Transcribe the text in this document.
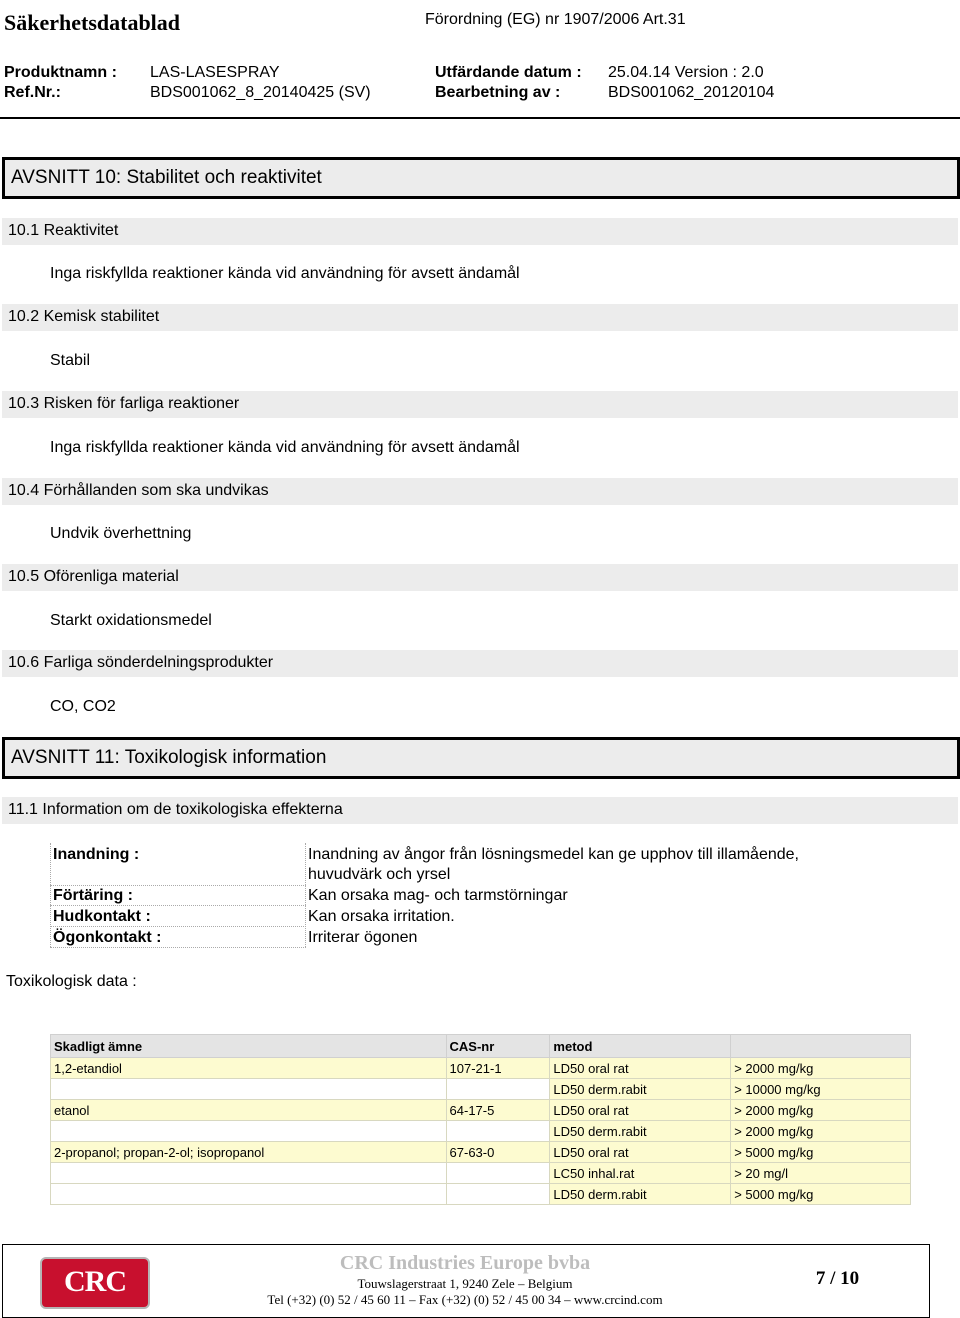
Säkerhetsdatablad	Förordning (EG) nr 1907/2006 Art.31
Produktnamn : LAS-LASESPRAY	Utfärdande datum : 25.04.14 Version : 2.0
Ref.Nr.:	BDS001062_8_20140425 (SV)	Bearbetning av :	BDS001062_20120104
AVSNITT 10: Stabilitet och reaktivitet
10.1 Reaktivitet
Inga riskfyllda reaktioner kända vid användning för avsett ändamål
10.2 Kemisk stabilitet
Stabil
10.3 Risken för farliga reaktioner
Inga riskfyllda reaktioner kända vid användning för avsett ändamål
10.4 Förhållanden som ska undvikas
Undvik överhettning
10.5 Oförenliga material
Starkt oxidationsmedel
10.6 Farliga sönderdelningsprodukter
CO, CO2
AVSNITT 11: Toxikologisk information
11.1 Information om de toxikologiska effekterna
Inandning :	Inandning av ångor från lösningsmedel kan ge upphov till illamående,
huvudvärk och yrsel
Förtäring :	Kan orsaka mag- och tarmstörningar
Hudkontakt :	Kan orsaka irritation.
Ögonkontakt :	Irriterar ögonen
Toxikologisk data :
Skadligt ämne	CAS-nr	metod	
1,2-etandiol	107-21-1	LD50 oral rat	> 2000 mg/kg
		LD50 derm.rabit	> 10000 mg/kg
etanol	64-17-5	LD50 oral rat	> 2000 mg/kg
		LD50 derm.rabit	> 2000 mg/kg
2-propanol; propan-2-ol; isopropanol	67-63-0	LD50 oral rat	> 5000 mg/kg
		LC50 inhal.rat	> 20 mg/l
		LD50 derm.rabit	> 5000 mg/kg
CRC
CRC Industries Europe bvba
Touwslagerstraat 1, 9240 Zele – Belgium
Tel (+32) (0) 52 / 45 60 11 – Fax (+32) (0) 52 / 45 00 34 – www.crcind.com
7 / 10
